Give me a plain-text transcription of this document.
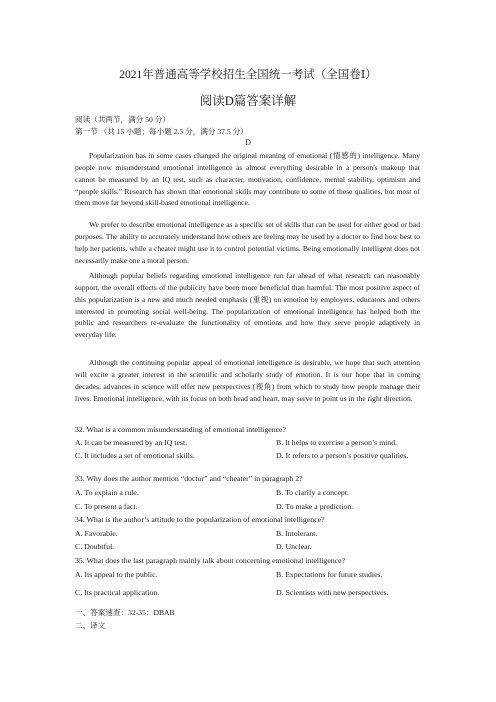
2021年普通高等学校招生全国统一考试（全国卷Ⅰ）
阅读D篇答案详解
阅读（共两节，满分 50 分）
第一节 （共 15 小题；每小题 2.5 分，满分 37.5 分）
D
Popularization has in some cases changed the original meaning of emotional (情感的) intelligence. Many people now misunderstand emotional intelligence as almost everything desirable in a person's makeup that cannot be measured by an IQ test, such as character, motivation, confidence, mental stability, optimism and “people skills.” Research has shown that emotional skills may contribute to some of these qualities, but most of them move far beyond skill-based emotional intelligence.
We prefer to describe emotional intelligence as a specific set of skills that can be used for either good or bad purposes. The ability to accurately understand how others are feeling may be used by a doctor to find how best to help her patients, while a cheater might use it to control potential victims. Being emotionally intelligent does not necessarily make one a moral person.
Although popular beliefs regarding emotional intelligence run far ahead of what research can reasonably support, the overall effects of the publicity have been more beneficial than harmful. The most positive aspect of this popularization is a new and much needed emphasis (重视) on emotion by employers, educators and others interested in promoting social well-being. The popularization of emotional intelligence has helped both the public and researchers re-evaluate the functionality of emotions and how they serve people adaptively in everyday life.
Although the continuing popular appeal of emotional intelligence is desirable, we hope that such attention will excite a greater interest in the scientific and scholarly study of emotion. It is our hope that in coming decades, advances in science will offer new perspectives (视角) from which to study how people manage their lives. Emotional intelligence, with its focus on both head and heart, may serve to point us in the right direction.
32. What is a common misunderstanding of emotional intelligence?
A. It can be measured by an IQ test.	B. It helps to exercise a person’s mind.
C. It includes a set of emotional skills.	D. It refers to a person’s positive qualities.
33. Why does the author mention “doctor” and “cheater” in paragraph 2?
A. To explain a rule.	B. To clarify a concept.
C. To present a fact.	D. To make a prediction.
34. What is the author’s attitude to the popularization of emotional intelligence?
A. Favorable.	B. Intolerant.
C. Doubtful.	D. Unclear.
35. What does the last paragraph mainly talk about concerning emotional intelligence?
A. Its appeal to the public.	B. Expectations for future studies.
C. Its practical application.	D. Scientists with new perspectives.
一、答案速查：32-35：DBAB
二、译文
